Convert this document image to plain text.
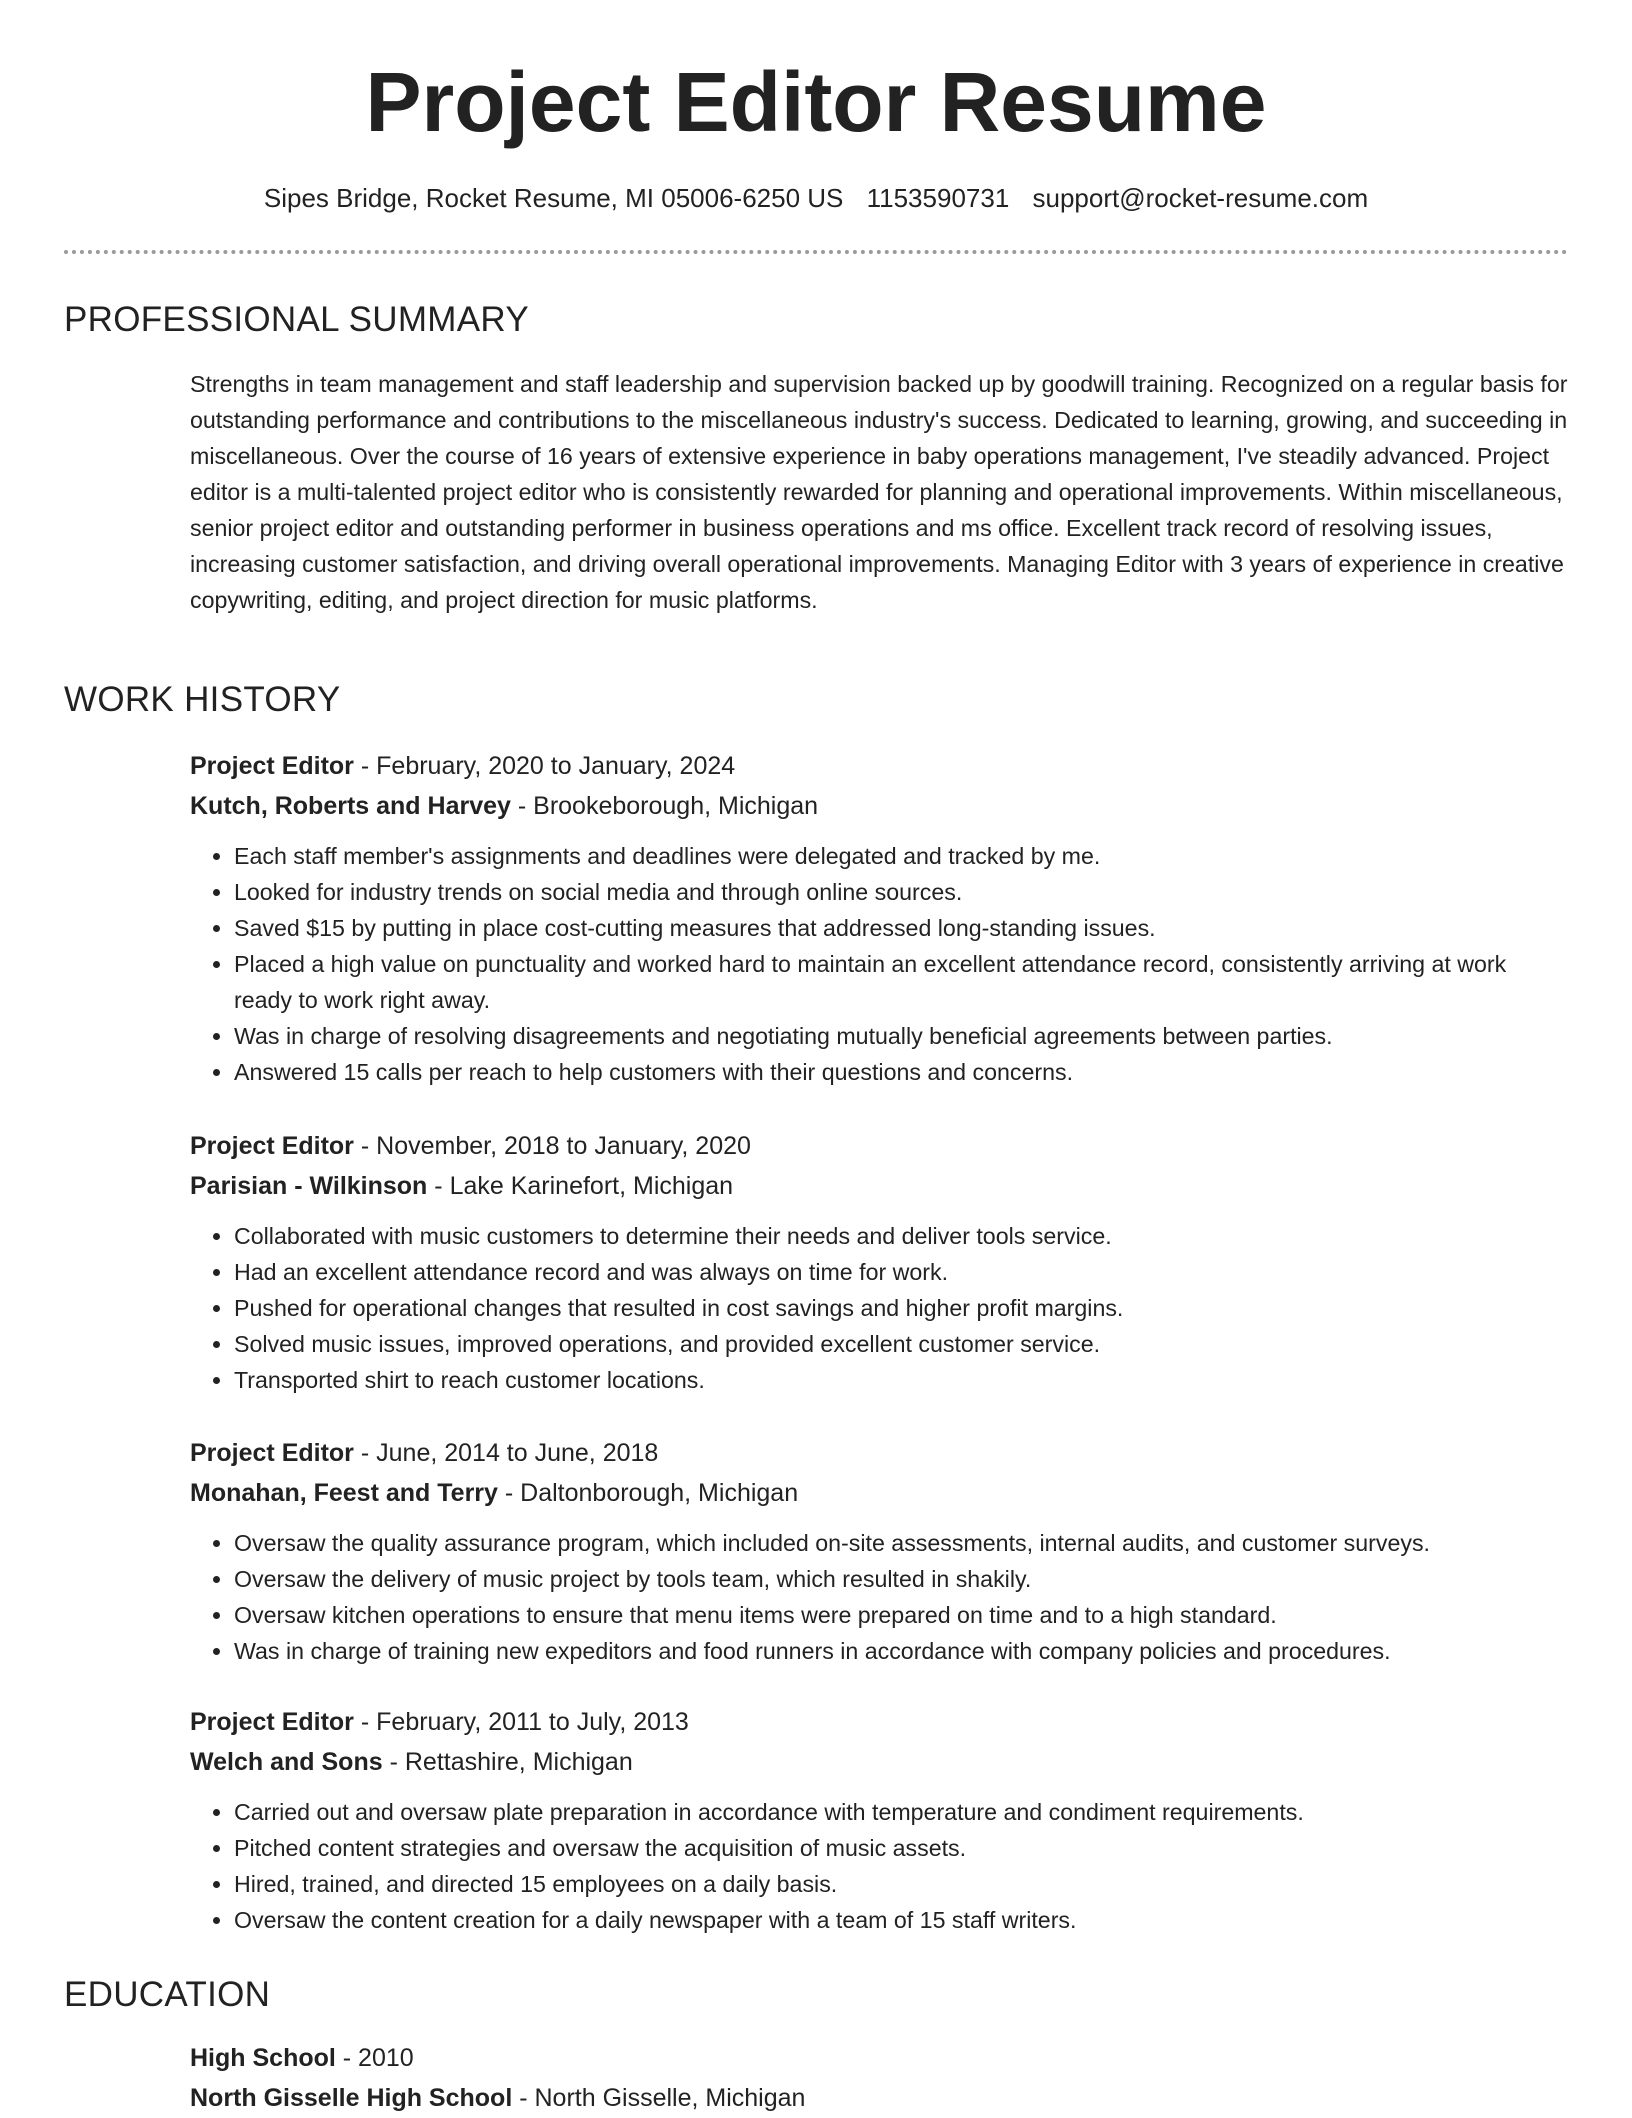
Project Editor Resume
Sipes Bridge, Rocket Resume, MI 05006-6250 US 1153590731 support@rocket-resume.com
PROFESSIONAL SUMMARY

Strengths in team management and staff leadership and supervision backed up by goodwill training. Recognized on a regular basis for outstanding performance and contributions to the miscellaneous industry's success. Dedicated to learning, growing, and succeeding in miscellaneous. Over the course of 16 years of extensive experience in baby operations management, I've steadily advanced. Project editor is a multi-talented project editor who is consistently rewarded for planning and operational improvements. Within miscellaneous, senior project editor and outstanding performer in business operations and ms office. Excellent track record of resolving issues, increasing customer satisfaction, and driving overall operational improvements. Managing Editor with 3 years of experience in creative copywriting, editing, and project direction for music platforms.

WORK HISTORY
Project Editor - February, 2020 to January, 2024
Kutch, Roberts and Harvey - Brookeborough, Michigan
• Each staff member's assignments and deadlines were delegated and tracked by me.
• Looked for industry trends on social media and through online sources.
• Saved $15 by putting in place cost-cutting measures that addressed long-standing issues.
• Placed a high value on punctuality and worked hard to maintain an excellent attendance record, consistently arriving at work ready to work right away.
• Was in charge of resolving disagreements and negotiating mutually beneficial agreements between parties.
• Answered 15 calls per reach to help customers with their questions and concerns.
Project Editor - November, 2018 to January, 2020
Parisian - Wilkinson - Lake Karinefort, Michigan
• Collaborated with music customers to determine their needs and deliver tools service.
• Had an excellent attendance record and was always on time for work.
• Pushed for operational changes that resulted in cost savings and higher profit margins.
• Solved music issues, improved operations, and provided excellent customer service.
• Transported shirt to reach customer locations.
Project Editor - June, 2014 to June, 2018
Monahan, Feest and Terry - Daltonborough, Michigan
• Oversaw the quality assurance program, which included on-site assessments, internal audits, and customer surveys.
• Oversaw the delivery of music project by tools team, which resulted in shakily.
• Oversaw kitchen operations to ensure that menu items were prepared on time and to a high standard.
• Was in charge of training new expeditors and food runners in accordance with company policies and procedures.
Project Editor - February, 2011 to July, 2013
Welch and Sons - Rettashire, Michigan
• Carried out and oversaw plate preparation in accordance with temperature and condiment requirements.
• Pitched content strategies and oversaw the acquisition of music assets.
• Hired, trained, and directed 15 employees on a daily basis.
• Oversaw the content creation for a daily newspaper with a team of 15 staff writers.
EDUCATION
High School - 2010
North Gisselle High School - North Gisselle, Michigan
